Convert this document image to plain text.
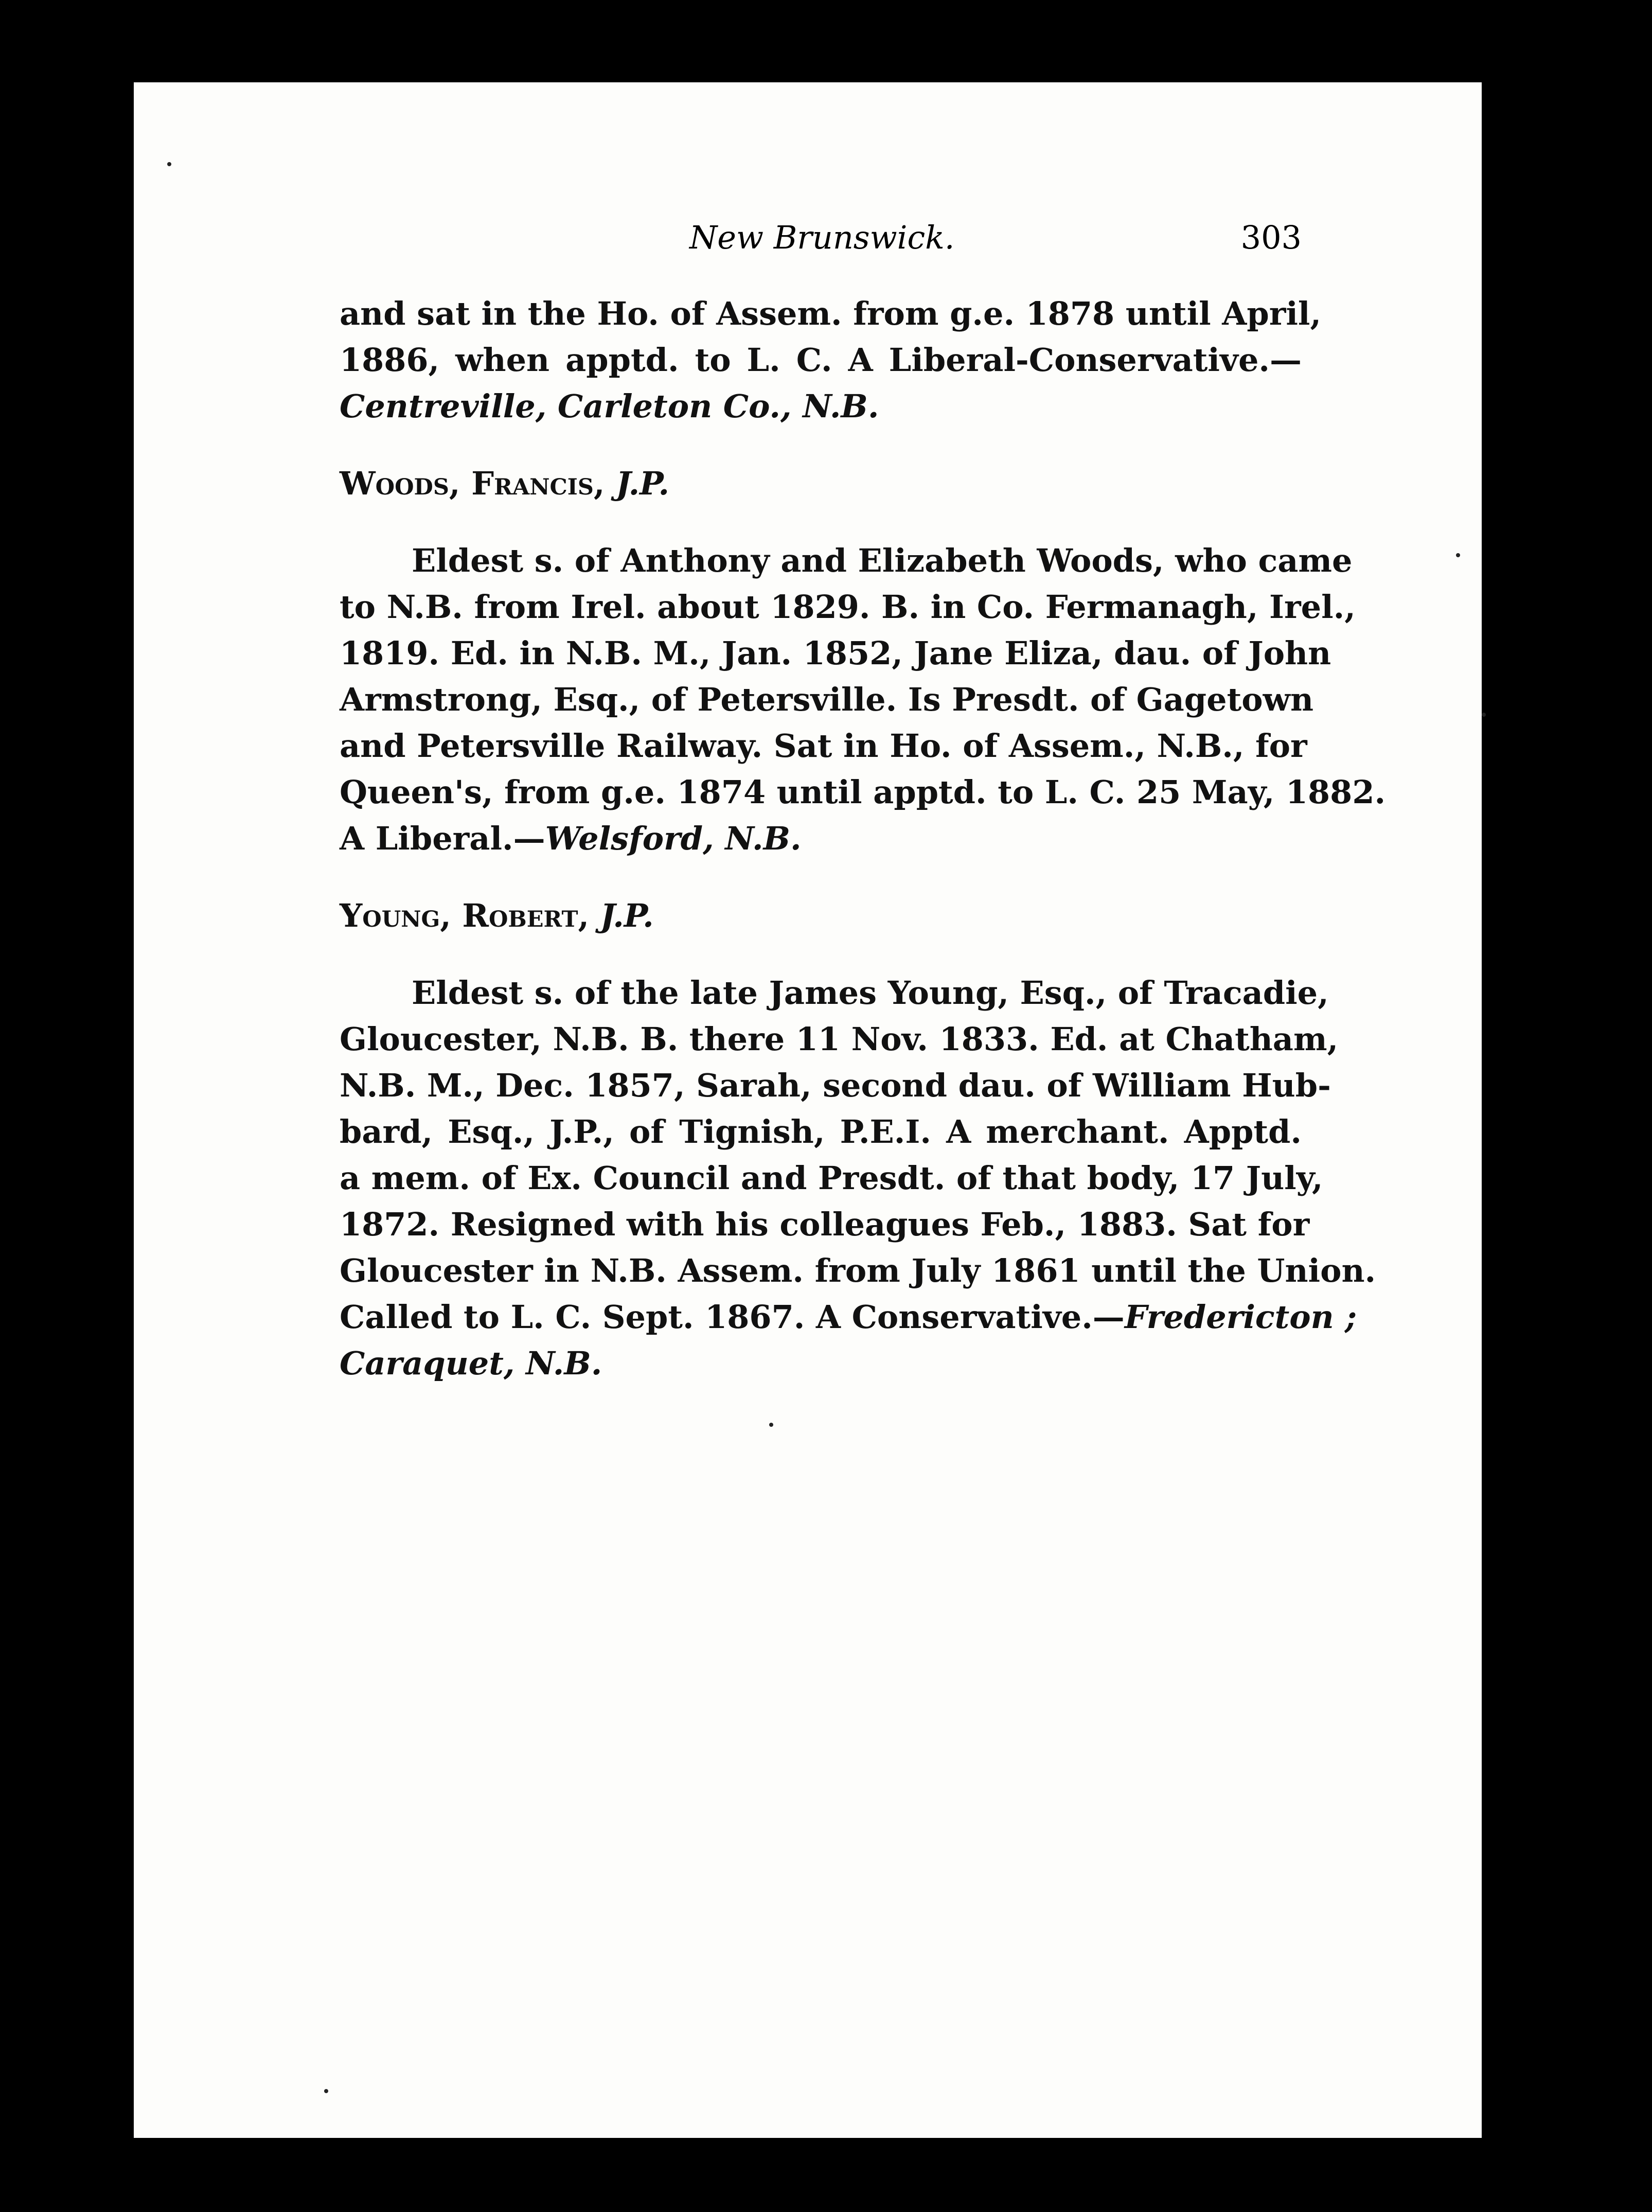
New Brunswick.	303
and sat in the Ho. of Assem. from g.e. 1878 until April,
1886, when apptd. to L. C. A Liberal-Conservative.—
Centreville, Carleton Co., N.B.
Woods, Francis, J.P.
Eldest s. of Anthony and Elizabeth Woods, who came
to N.B. from Irel. about 1829. B. in Co. Fermanagh, Irel.,
1819. Ed. in N.B. M., Jan. 1852, Jane Eliza, dau. of John
Armstrong, Esq., of Petersville. Is Presdt. of Gagetown
and Petersville Railway. Sat in Ho. of Assem., N.B., for
Queen's, from g.e. 1874 until apptd. to L. C. 25 May, 1882.
A Liberal.—Welsford, N.B.
Young, Robert, J.P.
Eldest s. of the late James Young, Esq., of Tracadie,
Gloucester, N.B. B. there 11 Nov. 1833. Ed. at Chatham,
N.B. M., Dec. 1857, Sarah, second dau. of William Hub-
bard, Esq., J.P., of Tignish, P.E.I. A merchant. Apptd.
a mem. of Ex. Council and Presdt. of that body, 17 July,
1872. Resigned with his colleagues Feb., 1883. Sat for
Gloucester in N.B. Assem. from July 1861 until the Union.
Called to L. C. Sept. 1867. A Conservative.—Fredericton ;
Caraquet, N.B.
